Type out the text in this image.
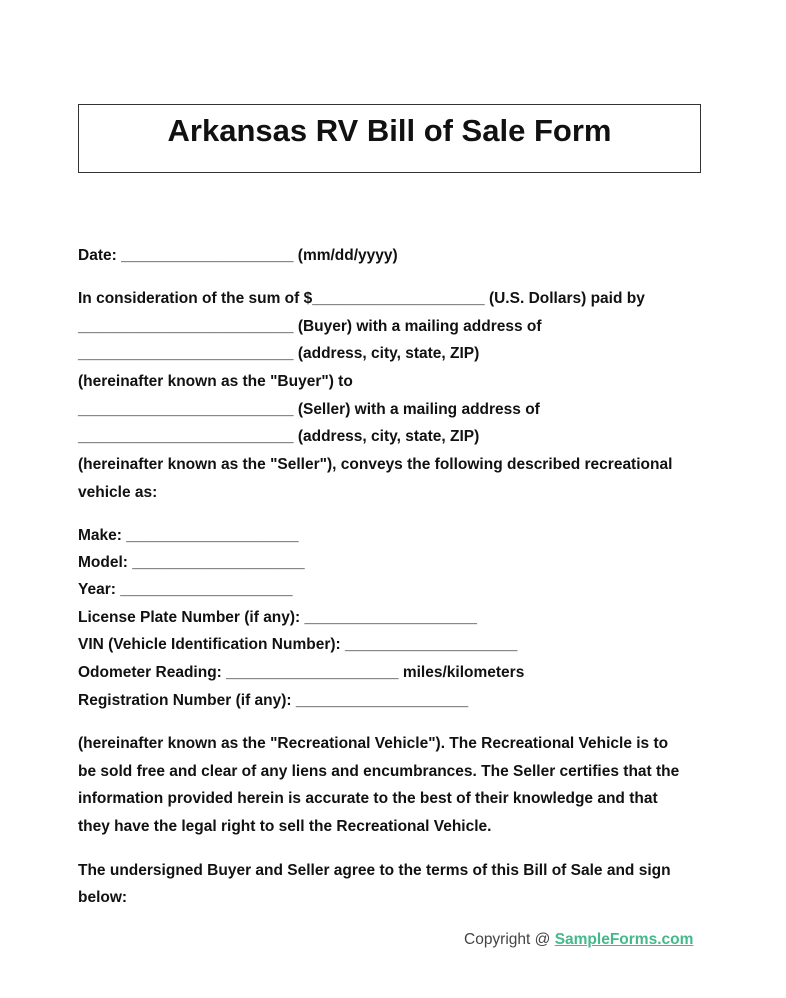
Arkansas RV Bill of Sale Form
Date: ____________________ (mm/dd/yyyy)
In consideration of the sum of $____________________ (U.S. Dollars) paid by
_________________________ (Buyer) with a mailing address of
_________________________ (address, city, state, ZIP)
(hereinafter known as the "Buyer") to
_________________________ (Seller) with a mailing address of
_________________________ (address, city, state, ZIP)
(hereinafter known as the "Seller"), conveys the following described recreational
vehicle as:
Make: ____________________
Model: ____________________
Year: ____________________
License Plate Number (if any): ____________________
VIN (Vehicle Identification Number): ____________________
Odometer Reading: ____________________ miles/kilometers
Registration Number (if any): ____________________
(hereinafter known as the "Recreational Vehicle"). The Recreational Vehicle is to
be sold free and clear of any liens and encumbrances. The Seller certifies that the
information provided herein is accurate to the best of their knowledge and that
they have the legal right to sell the Recreational Vehicle.
The undersigned Buyer and Seller agree to the terms of this Bill of Sale and sign
below:
Copyright @ SampleForms.com
